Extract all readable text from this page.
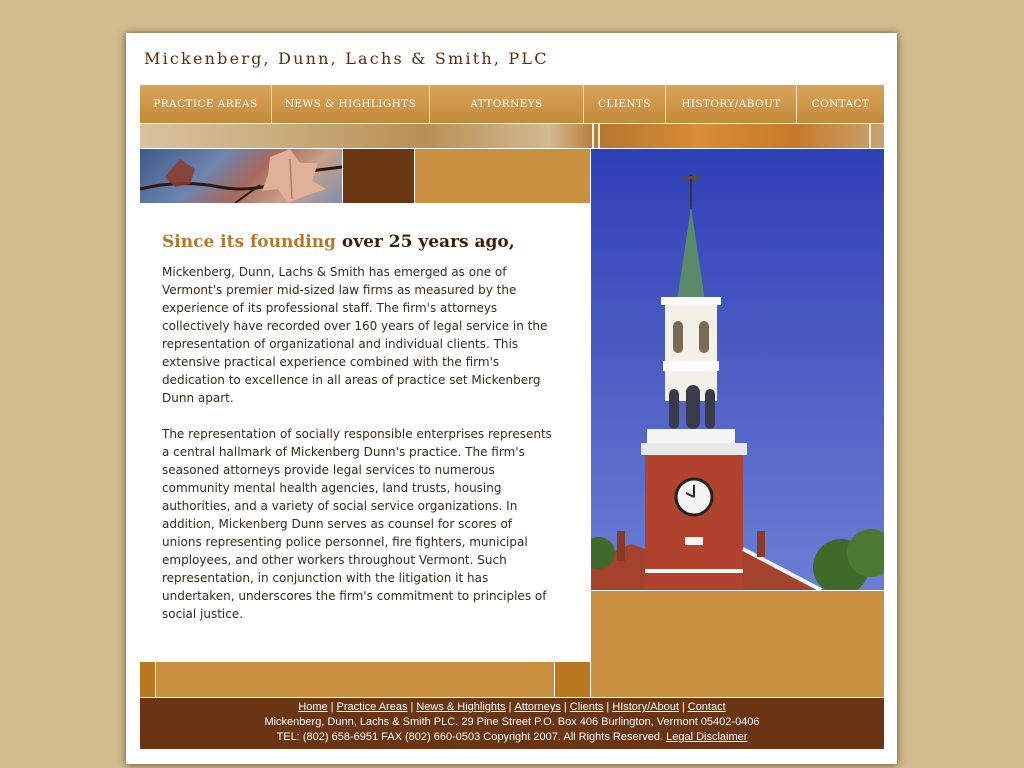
Mickenberg, Dunn, Lachs & Smith, PLC
PRACTICE AREAS	NEWS & HIGHLIGHTS	ATTORNEYS	CLIENTS	HISTORY/ABOUT	CONTACT
Since its founding over 25 years ago,

Mickenberg, Dunn, Lachs & Smith has emerged as one of Vermont's premier mid-sized law firms as measured by the experience of its professional staff. The firm's attorneys collectively have recorded over 160 years of legal service in the representation of organizational and individual clients. This extensive practical experience combined with the firm's dedication to excellence in all areas of practice set Mickenberg Dunn apart.

The representation of socially responsible enterprises represents a central hallmark of Mickenberg Dunn's practice. The firm's seasoned attorneys provide legal services to numerous community mental health agencies, land trusts, housing authorities, and a variety of social service organizations. In addition, Mickenberg Dunn serves as counsel for scores of unions representing police personnel, fire fighters, municipal employees, and other workers throughout Vermont. Such representation, in conjunction with the litigation it has undertaken, underscores the firm's commitment to principles of social justice.

Home | Practice Areas | News & Highlights | Attorneys | Clients | HIstory/About | Contact
Mickenberg, Dunn, Lachs & Smith PLC. 29 Pine Street P.O. Box 406 Burlington, Vermont 05402-0406
TEL: (802) 658-6951 FAX (802) 660-0503 Copyright 2007. All Rights Reserved. Legal Disclaimer
